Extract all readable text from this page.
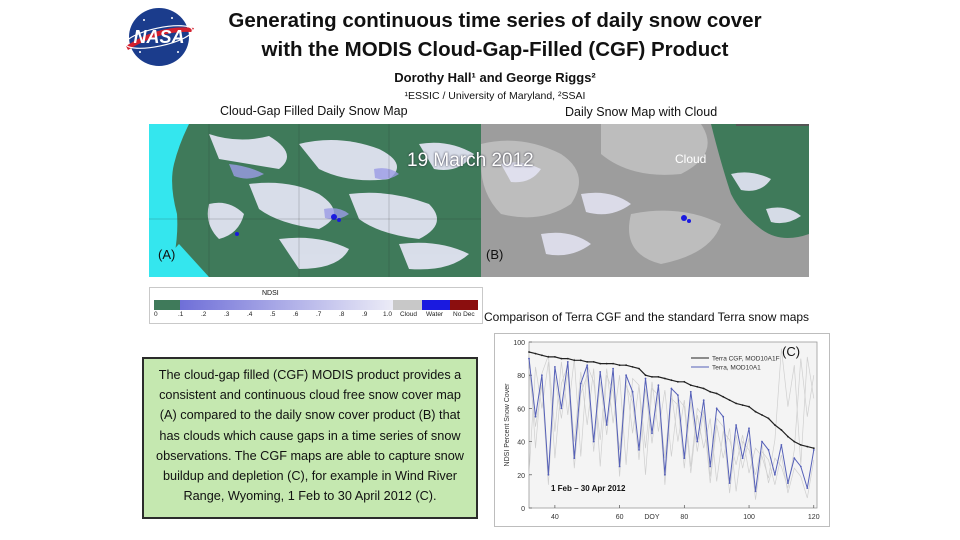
NASA
Generating continuous time series of daily snow cover
with the MODIS Cloud-Gap-Filled (CGF) Product
Dorothy Hall¹ and George Riggs²
¹ESSIC / University of Maryland, ²SSAI
Cloud-Gap Filled Daily Snow Map	Daily Snow Map with Cloud
19 March 2012	Cloud
(A)	(B)
NDSI
0	.1	.2	.3	.4	.5	.6	.7	.8	.9 1.0 Cloud Water No Dec Comparison of Terra CGF and the standard Terra snow maps
The cloud-gap filled (CGF) MODIS product provides a consistent and continuous cloud free snow cover map (A) compared to the daily snow cover product (B) that has clouds which cause gaps in a time series of snow observations. The CGF maps are able to capture snow buildup and depletion (C), for example in Wind River Range, Wyoming, 1 Feb to 30 April 2012 (C).
0
20
40
60
80
100
40	60	DOY	80	100	120
NDSI Percent Snow Cover
Terra CGF, MOD10A1F
Terra, MOD10A1
1 Feb – 30 Apr 2012
(C)
